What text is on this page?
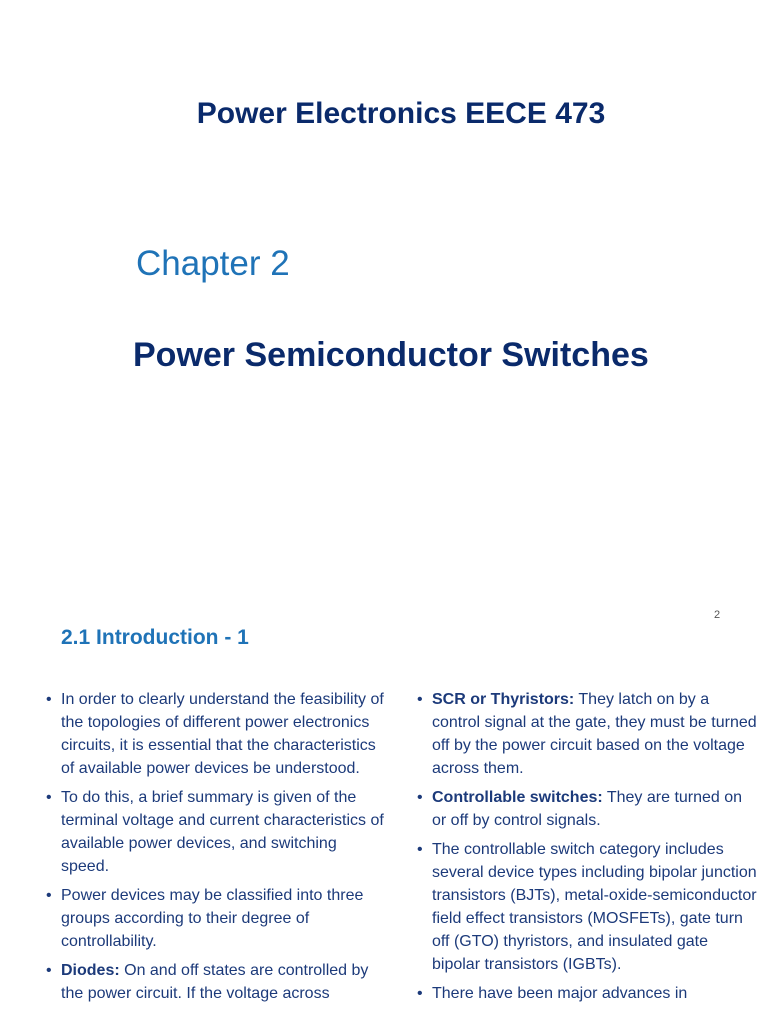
Power Electronics EECE 473
Chapter 2
Power Semiconductor Switches
2
2.1 Introduction - 1
• In order to clearly understand the feasibility of the topologies of different power electronics circuits, it is essential that the characteristics of available power devices be understood.
• To do this, a brief summary is given of the terminal voltage and current characteristics of available power devices, and switching speed.
• Power devices may be classified into three groups according to their degree of controllability.
• Diodes: On and off states are controlled by the power circuit. If the voltage across
• SCR or Thyristors: They latch on by a control signal at the gate, they must be turned off by the power circuit based on the voltage across them.
• Controllable switches: They are turned on or off by control signals.
• The controllable switch category includes several device types including bipolar junction transistors (BJTs), metal-oxide-semiconductor field effect transistors (MOSFETs), gate turn off (GTO) thyristors, and insulated gate bipolar transistors (IGBTs).
• There have been major advances in
